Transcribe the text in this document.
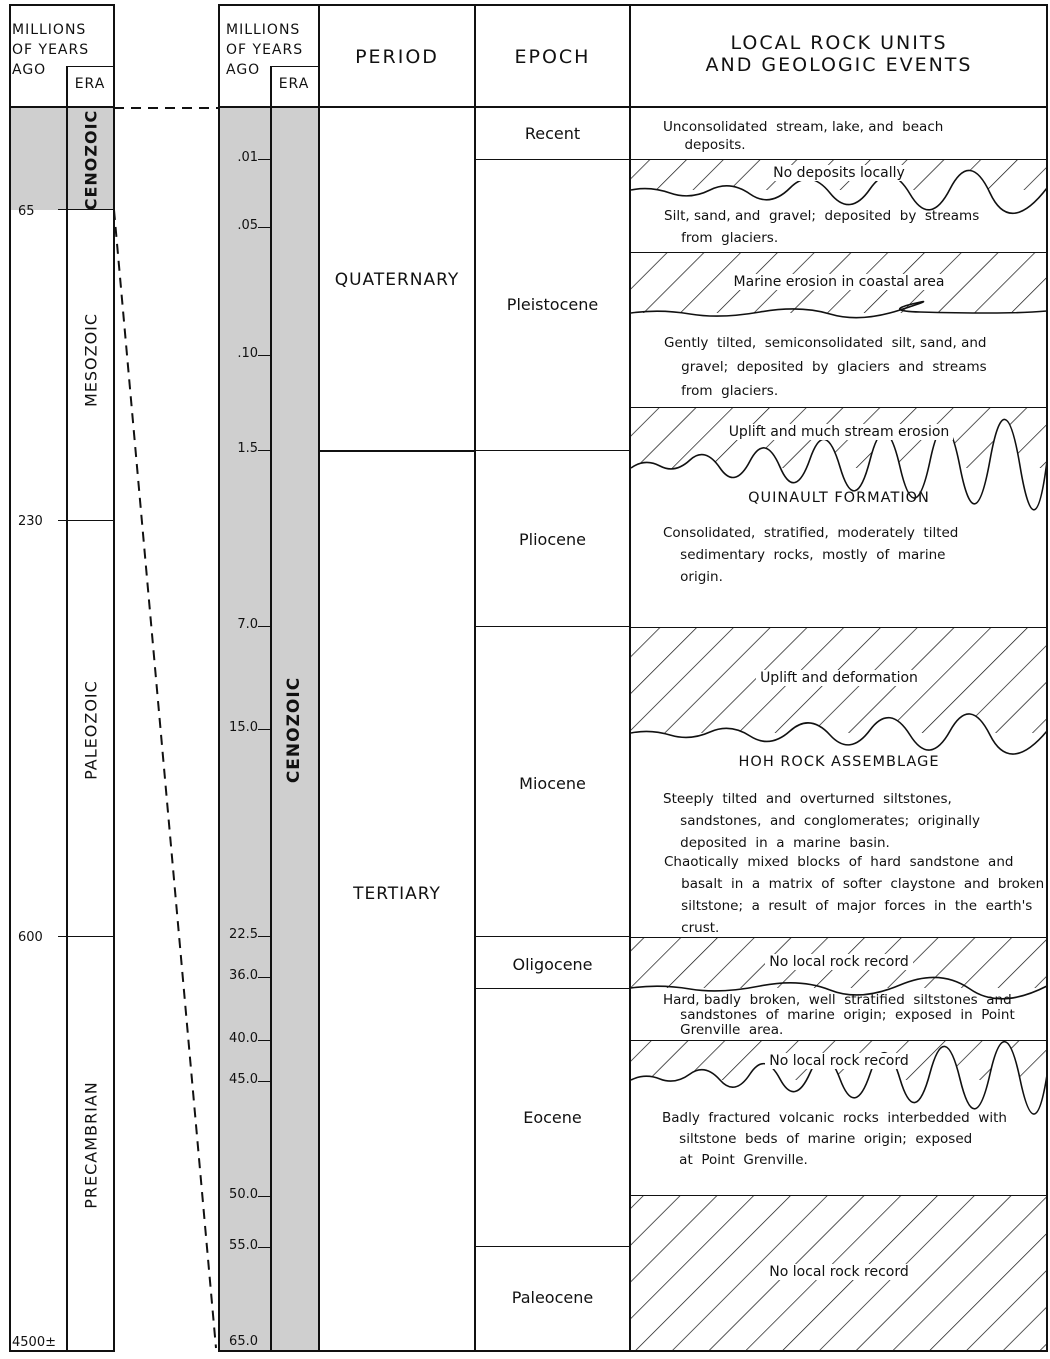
MILLIONS
OF YEARS
AGO
ERA
65
230
600
4500±
CENOZOIC
MESOZOIC
PALEOZOIC
PRECAMBRIAN
MILLIONS
OF YEARS
AGO
ERA
PERIOD	EPOCH
LOCAL ROCK UNITS
AND GEOLOGIC EVENTS
CENOZOIC
.01
.05
.10
1.5
7.0
15.0
22.5
36.0
40.0
45.0
50.0
55.0
65.0
QUATERNARY
TERTIARY
Recent
Pleistocene
Pliocene
Miocene
Oligocene
Eocene
Paleocene
Unconsolidated  stream, lake, and  beach
deposits.
No deposits locally
Silt, sand, and  gravel;  deposited  by  streams
from  glaciers.
Marine erosion in coastal area
Gently  tilted,  semiconsolidated  silt, sand, and
gravel;  deposited  by  glaciers  and  streams
from  glaciers.
Uplift and much stream erosion
QUINAULT FORMATION
Consolidated,  stratified,  moderately  tilted
sedimentary  rocks,  mostly  of  marine
origin.
Uplift and deformation
HOH ROCK ASSEMBLAGE
Steeply  tilted  and  overturned  siltstones,
sandstones,  and  conglomerates;  originally
deposited  in  a  marine  basin.
Chaotically  mixed  blocks  of  hard  sandstone  and
basalt  in  a  matrix  of  softer  claystone  and  broken
siltstone;  a  result  of  major  forces  in  the  earth's
crust.
No local rock record
Hard, badly  broken,  well  stratified  siltstones  and
sandstones  of  marine  origin;  exposed  in  Point
Grenville  area.
No local rock record
Badly  fractured  volcanic  rocks  interbedded  with
siltstone  beds  of  marine  origin;  exposed
at  Point  Grenville.
No local rock record
